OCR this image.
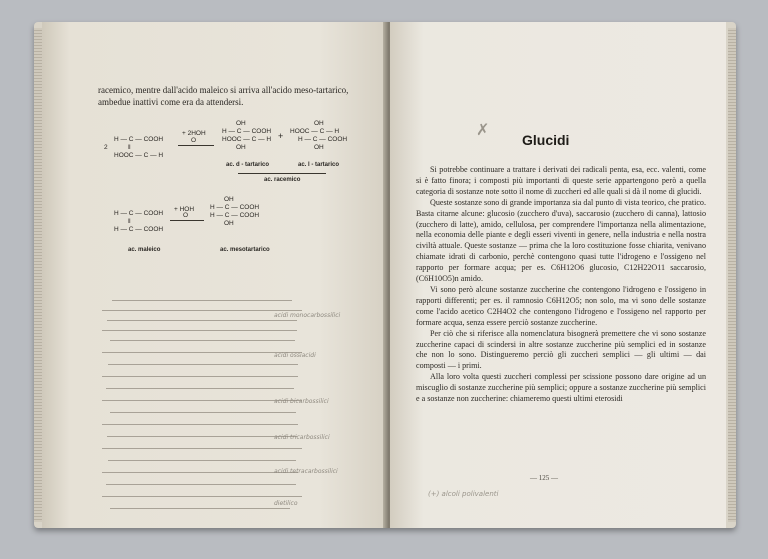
racemico, mentre dall'acido maleico si arriva all'acido meso-tartarico, ambedue inattivi come era da attendersi.
2

H — C — COOH
‖
HOOC — C — H
+ 2HOH
O
OH
H — C — COOH
HOOC — C — H
OH
+
OH
HOOC — C — H
H — C — COOH
OH
ac. d - tartarico	ac. l - tartarico
ac. racemico

H — C — COOH
‖
H — C — COOH
+ HOH
O
OH
H — C — COOH
H — C — COOH
OH
ac. maleico	ac. mesotartarico
acidi monocarbossilici
acidi ossiacidi
acidi bicarbossilici
acidi tricarbossilici
acidi tetracarbossilici
dietilico
✗
Glucidi

Si potrebbe continuare a trattare i derivati dei radicali penta, esa, ecc. valenti, come si è fatto finora; i composti più importanti di queste serie appartengono però a quella categoria di sostanze note sotto il nome di zuccheri ed alle quali si dà il nome di glucidi.

Queste sostanze sono di grande importanza sia dal punto di vista teorico, che pratico. Basta citarne alcune: glucosio (zucchero d'uva), saccarosio (zucchero di canna), lattosio (zucchero di latte), amido, cellulosa, per comprendere l'importanza nella alimentazione, nella economia delle piante e degli esseri viventi in genere, nella industria e nella nostra civiltà attuale. Queste sostanze — prima che la loro costituzione fosse chiarita, venivano chiamate idrati di carbonio, perchè contengono quasi tutte l'idrogeno e l'ossigeno nel rapporto per formare acqua; per es. C6H12O6 glucosio, C12H22O11 saccarosio, (C6H10O5)n amido.

Vi sono però alcune sostanze zuccherine che contengono l'idrogeno e l'ossigeno in rapporti differenti; per es. il ramnosio C6H12O5; non solo, ma vi sono delle sostanze come l'acido acetico C2H4O2 che contengono l'idrogeno e l'ossigeno nel rapporto per formare acqua, senza essere perciò sostanze zuccherine.

Per ciò che si riferisce alla nomenclatura bisognerà premettere che vi sono sostanze zuccherine capaci di scindersi in altre sostanze zuccherine più semplici ed in sostanze che non lo sono. Distingueremo perciò gli zuccheri semplici — gli ultimi — dai composti — i primi.

Alla loro volta questi zuccheri complessi per scissione possono dare origine ad un miscuglio di sostanze zuccherine più semplici; oppure a sostanze zuccherine più semplici e a sostanze non zuccherine: chiameremo questi ultimi eterosidi

— 125 —
(+) alcoli polivalenti
